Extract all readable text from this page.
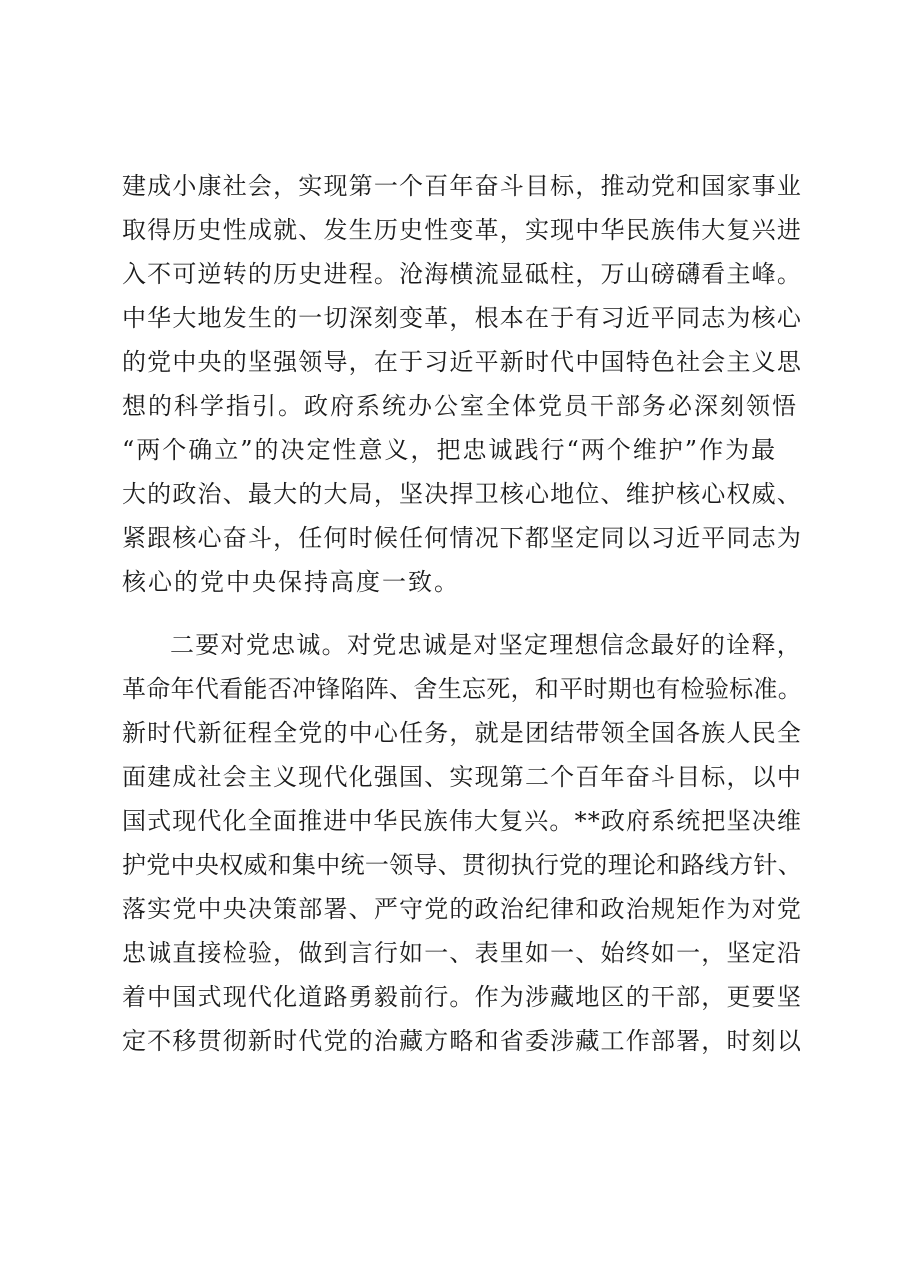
建成小康社会，实现第一个百年奋斗目标，推动党和国家事业
取得历史性成就、发生历史性变革，实现中华民族伟大复兴进
入不可逆转的历史进程。沧海横流显砥柱，万山磅礴看主峰。
中华大地发生的一切深刻变革，根本在于有习近平同志为核心
的党中央的坚强领导，在于习近平新时代中国特色社会主义思
想的科学指引。政府系统办公室全体党员干部务必深刻领悟
“两个确立”的决定性意义，把忠诚践行“两个维护”作为最
大的政治、最大的大局，坚决捍卫核心地位、维护核心权威、
紧跟核心奋斗，任何时候任何情况下都坚定同以习近平同志为
核心的党中央保持高度一致。
二要对党忠诚。对党忠诚是对坚定理想信念最好的诠释，
革命年代看能否冲锋陷阵、舍生忘死，和平时期也有检验标准。
新时代新征程全党的中心任务，就是团结带领全国各族人民全
面建成社会主义现代化强国、实现第二个百年奋斗目标，以中
国式现代化全面推进中华民族伟大复兴。**政府系统把坚决维
护党中央权威和集中统一领导、贯彻执行党的理论和路线方针、
落实党中央决策部署、严守党的政治纪律和政治规矩作为对党
忠诚直接检验，做到言行如一、表里如一、始终如一，坚定沿
着中国式现代化道路勇毅前行。作为涉藏地区的干部，更要坚
定不移贯彻新时代党的治藏方略和省委涉藏工作部署，时刻以
